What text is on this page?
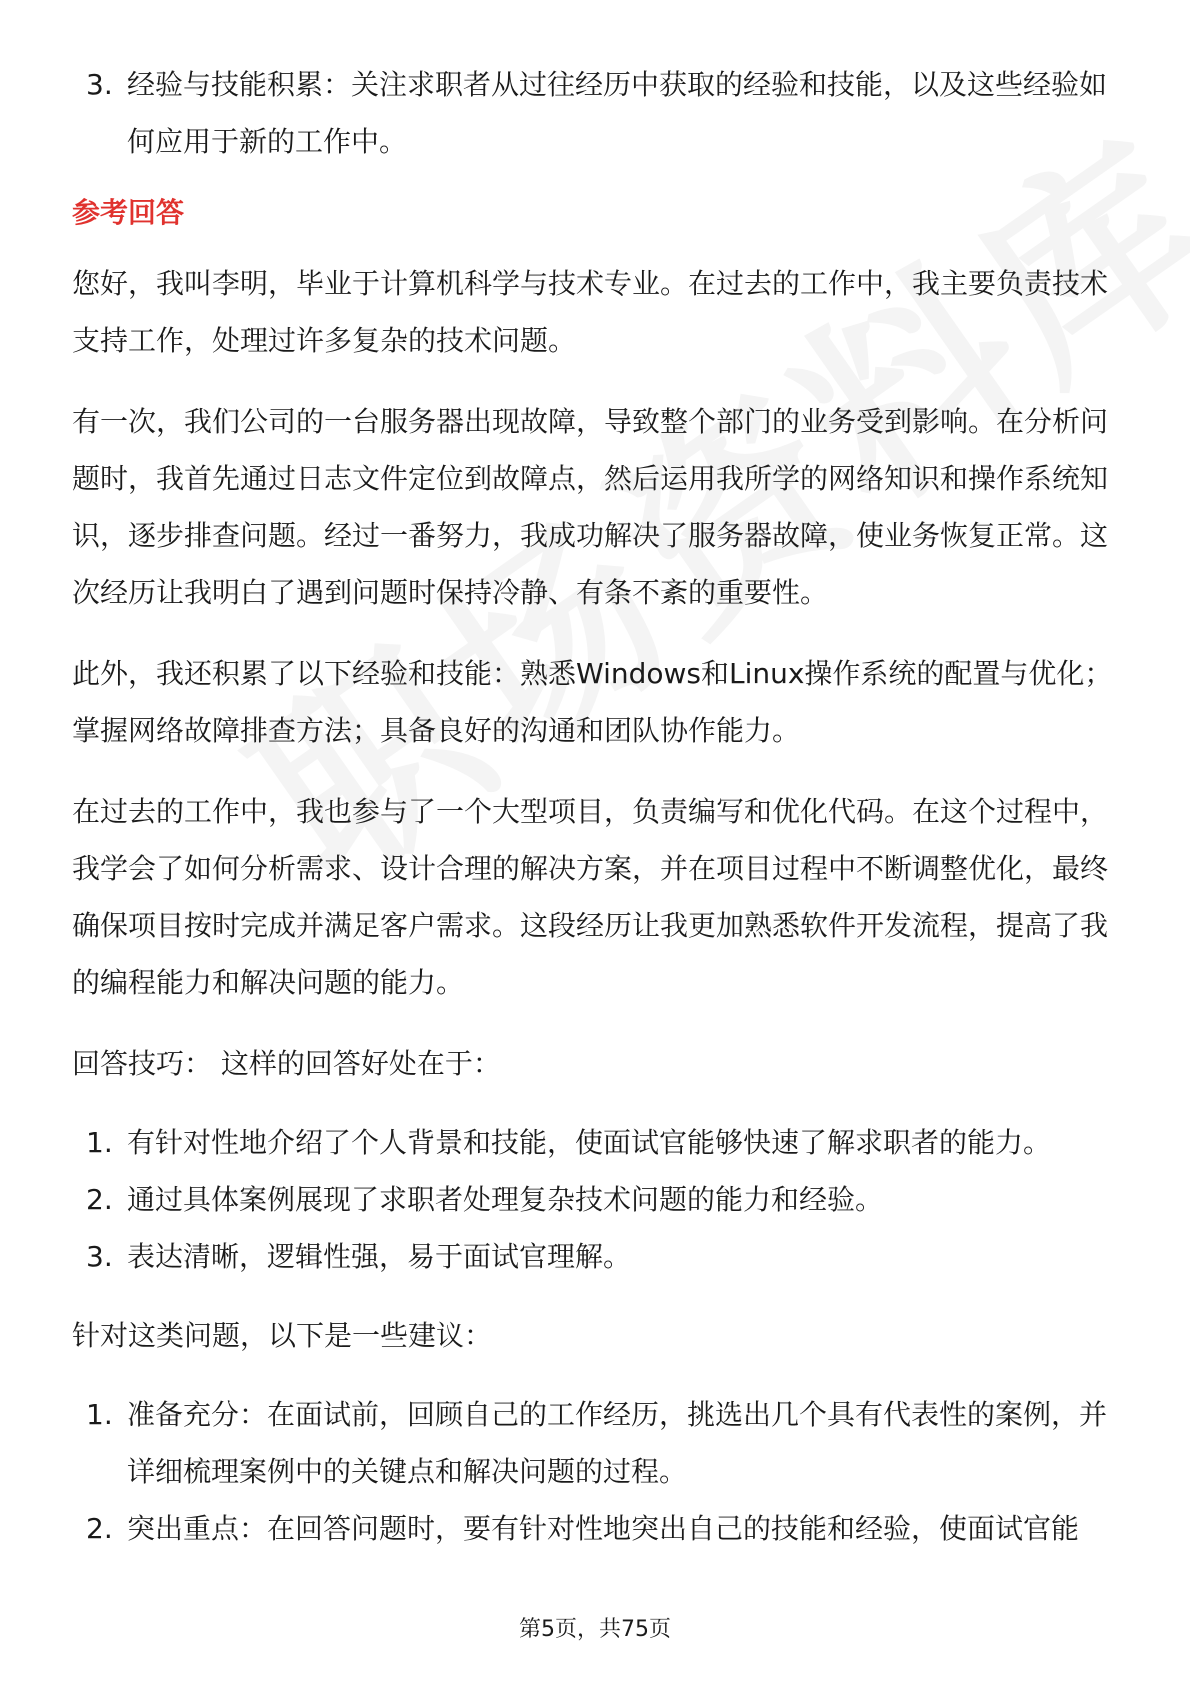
3. 经验与技能积累：关注求职者从过往经历中获取的经验和技能，以及这些经验如何应用于新的工作中。

参考回答

您好，我叫李明，毕业于计算机科学与技术专业。在过去的工作中，我主要负责技术支持工作，处理过许多复杂的技术问题。

有一次，我们公司的一台服务器出现故障，导致整个部门的业务受到影响。在分析问题时，我首先通过日志文件定位到故障点，然后运用我所学的网络知识和操作系统知识，逐步排查问题。经过一番努力，我成功解决了服务器故障，使业务恢复正常。这次经历让我明白了遇到问题时保持冷静、有条不紊的重要性。

此外，我还积累了以下经验和技能：熟悉Windows和Linux操作系统的配置与优化；掌握网络故障排查方法；具备良好的沟通和团队协作能力。

在过去的工作中，我也参与了一个大型项目，负责编写和优化代码。在这个过程中，我学会了如何分析需求、设计合理的解决方案，并在项目过程中不断调整优化，最终确保项目按时完成并满足客户需求。这段经历让我更加熟悉软件开发流程，提高了我的编程能力和解决问题的能力。

回答技巧： 这样的回答好处在于：

1. 有针对性地介绍了个人背景和技能，使面试官能够快速了解求职者的能力。
2. 通过具体案例展现了求职者处理复杂技术问题的能力和经验。
3. 表达清晰，逻辑性强，易于面试官理解。

针对这类问题，以下是一些建议：

1. 准备充分：在面试前，回顾自己的工作经历，挑选出几个具有代表性的案例，并详细梳理案例中的关键点和解决问题的过程。
2. 突出重点：在回答问题时，要有针对性地突出自己的技能和经验，使面试官能
第5页，共75页
